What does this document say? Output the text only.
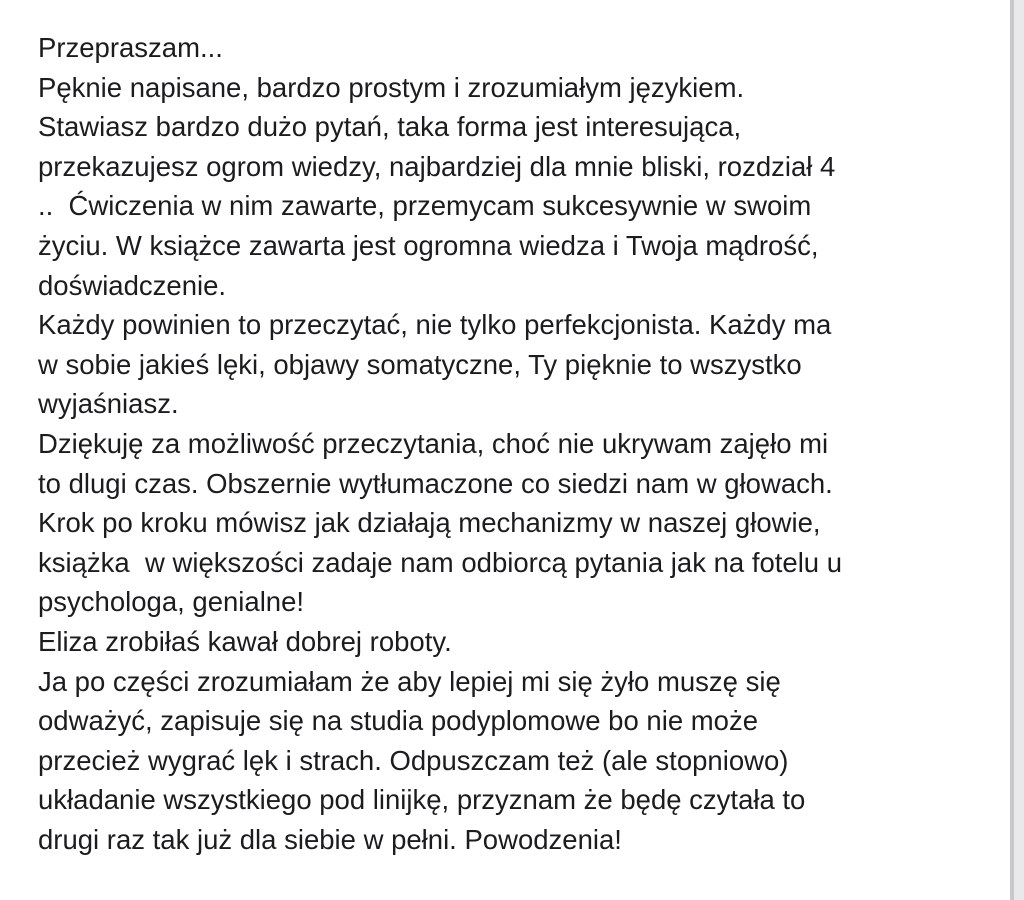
Przepraszam...
Pęknie napisane, bardzo prostym i zrozumiałym językiem.
Stawiasz bardzo dużo pytań, taka forma jest interesująca,
przekazujesz ogrom wiedzy, najbardziej dla mnie bliski, rozdział 4
..  Ćwiczenia w nim zawarte, przemycam sukcesywnie w swoim
życiu. W książce zawarta jest ogromna wiedza i Twoja mądrość,
doświadczenie.
Każdy powinien to przeczytać, nie tylko perfekcjonista. Każdy ma
w sobie jakieś lęki, objawy somatyczne, Ty pięknie to wszystko
wyjaśniasz.
Dziękuję za możliwość przeczytania, choć nie ukrywam zajęło mi
to dlugi czas. Obszernie wytłumaczone co siedzi nam w głowach.
Krok po kroku mówisz jak działają mechanizmy w naszej głowie,
książka  w większości zadaje nam odbiorcą pytania jak na fotelu u
psychologa, genialne!
Eliza zrobiłaś kawał dobrej roboty.
Ja po części zrozumiałam że aby lepiej mi się żyło muszę się
odważyć, zapisuje się na studia podyplomowe bo nie może
przecież wygrać lęk i strach. Odpuszczam też (ale stopniowo)
układanie wszystkiego pod linijkę, przyznam że będę czytała to
drugi raz tak już dla siebie w pełni. Powodzenia!
